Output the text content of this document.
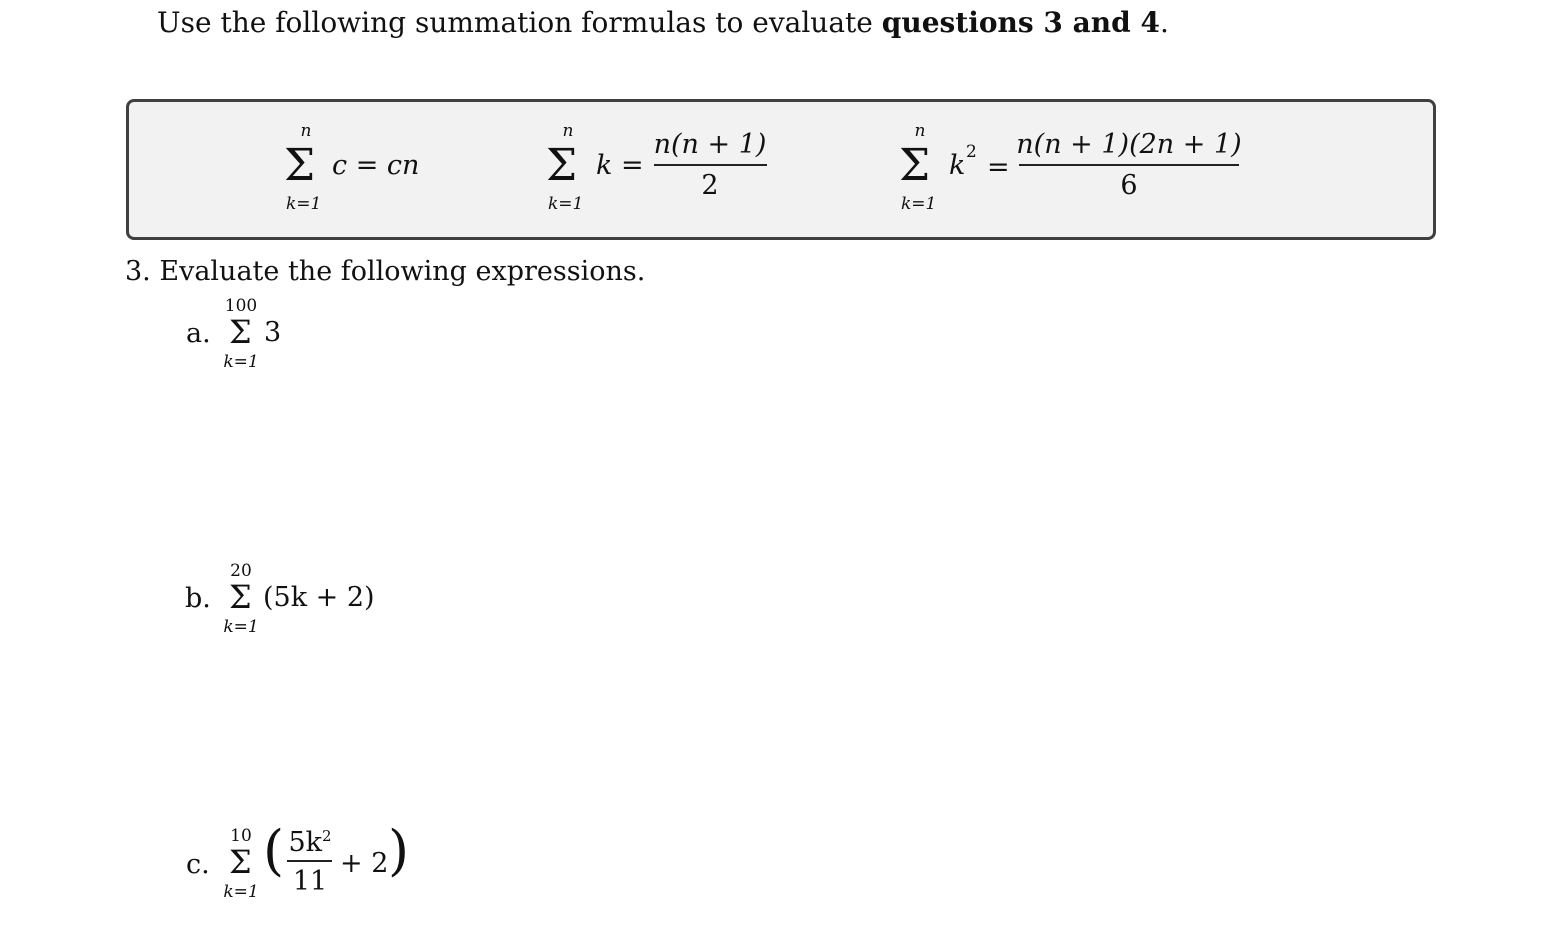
Use the following summation formulas to evaluate questions 3 and 4.
n
Σ
k=1
c = cn
n
Σ
k=1
k =
n(n + 1)
2
n
Σ
k=1
k 2 =
n(n + 1)(2n + 1)
6
3. Evaluate the following expressions.
a.
100
Σ
k=1
3
b.
20
Σ
k=1
(5k + 2)
c.
10
Σ
k=1
( $5k^2$
11
+ 2 )
